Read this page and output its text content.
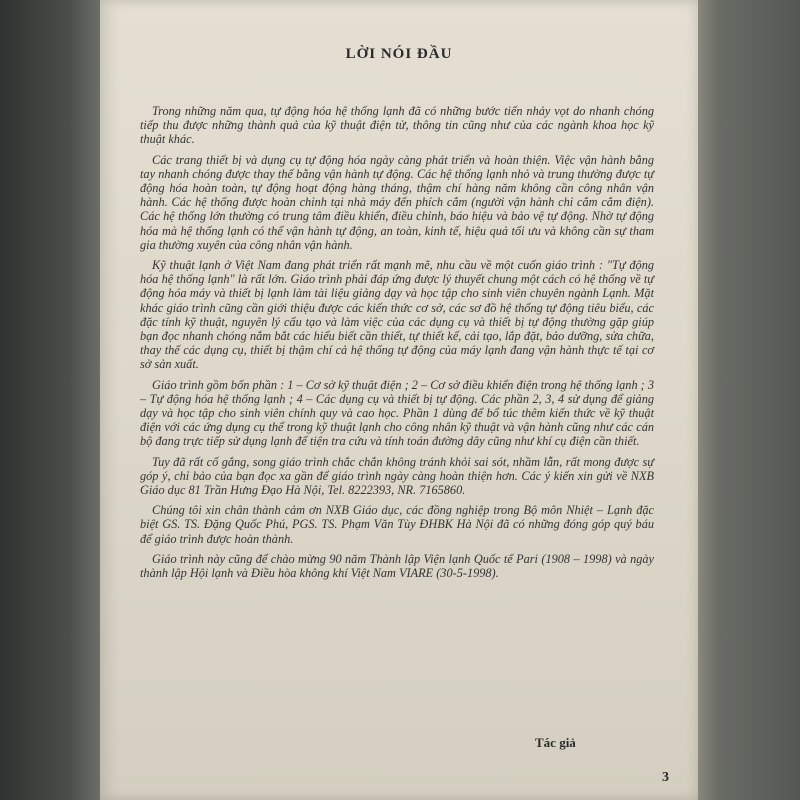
LỜI NÓI ĐẦU

Trong những năm qua, tự động hóa hệ thống lạnh đã có những bước tiến nhảy vọt do nhanh chóng tiếp thu được những thành quả của kỹ thuật điện tử, thông tin cũng như của các ngành khoa học kỹ thuật khác.

Các trang thiết bị và dụng cụ tự động hóa ngày càng phát triển và hoàn thiện. Việc vận hành bằng tay nhanh chóng được thay thế bằng vận hành tự động. Các hệ thống lạnh nhỏ và trung thường được tự động hóa hoàn toàn, tự động hoạt động hàng tháng, thậm chí hàng năm không cần công nhân vận hành. Các hệ thống được hoàn chỉnh tại nhà máy đến phích cắm (người vận hành chỉ cắm cắm điện). Các hệ thống lớn thường có trung tâm điều khiển, điều chỉnh, báo hiệu và bảo vệ tự động. Nhờ tự động hóa mà hệ thống lạnh có thể vận hành tự động, an toàn, kinh tế, hiệu quả tối ưu và không cần sự tham gia thường xuyên của công nhân vận hành.

Kỹ thuật lạnh ở Việt Nam đang phát triển rất mạnh mẽ, nhu cầu về một cuốn giáo trình : "Tự động hóa hệ thống lạnh" là rất lớn. Giáo trình phải đáp ứng được lý thuyết chung một cách có hệ thống về tự động hóa máy và thiết bị lạnh làm tài liệu giảng dạy và học tập cho sinh viên chuyên ngành Lạnh. Mặt khác giáo trình cũng cần giới thiệu được các kiến thức cơ sở, các sơ đồ hệ thống tự động tiêu biểu, các đặc tính kỹ thuật, nguyên lý cấu tạo và làm việc của các dụng cụ và thiết bị tự động thường gặp giúp bạn đọc nhanh chóng nắm bắt các hiểu biết cần thiết, tự thiết kế, cải tạo, lắp đặt, bảo dưỡng, sửa chữa, thay thế các dụng cụ, thiết bị thậm chí cả hệ thống tự động của máy lạnh đang vận hành thực tế tại cơ sở sản xuất.

Giáo trình gồm bốn phần : 1 – Cơ sở kỹ thuật điện ; 2 – Cơ sở điều khiển điện trong hệ thống lạnh ; 3 – Tự động hóa hệ thống lạnh ; 4 – Các dụng cụ và thiết bị tự động. Các phần 2, 3, 4 sử dụng để giảng dạy và học tập cho sinh viên chính quy và cao học. Phần 1 dùng để bổ túc thêm kiến thức về kỹ thuật điện với các ứng dụng cụ thể trong kỹ thuật lạnh cho công nhân kỹ thuật và vận hành cũng như các cán bộ đang trực tiếp sử dụng lạnh để tiện tra cứu và tính toán đường dây cũng như khí cụ điện cần thiết.

Tuy đã rất cố gắng, song giáo trình chắc chắn không tránh khỏi sai sót, nhầm lẫn, rất mong được sự góp ý, chỉ bảo của bạn đọc xa gần để giáo trình ngày càng hoàn thiện hơn. Các ý kiến xin gửi về NXB Giáo dục 81 Trần Hưng Đạo Hà Nội, Tel. 8222393, NR. 7165860.

Chúng tôi xin chân thành cảm ơn NXB Giáo dục, các đồng nghiệp trong Bộ môn Nhiệt – Lạnh đặc biệt GS. TS. Đặng Quốc Phú, PGS. TS. Phạm Văn Tùy ĐHBK Hà Nội đã có những đóng góp quý báu để giáo trình được hoàn thành.

Giáo trình này cũng để chào mừng 90 năm Thành lập Viện lạnh Quốc tế Pari (1908 – 1998) và ngày thành lập Hội lạnh và Điều hòa không khí Việt Nam VIARE (30-5-1998).

Tác giả
3
